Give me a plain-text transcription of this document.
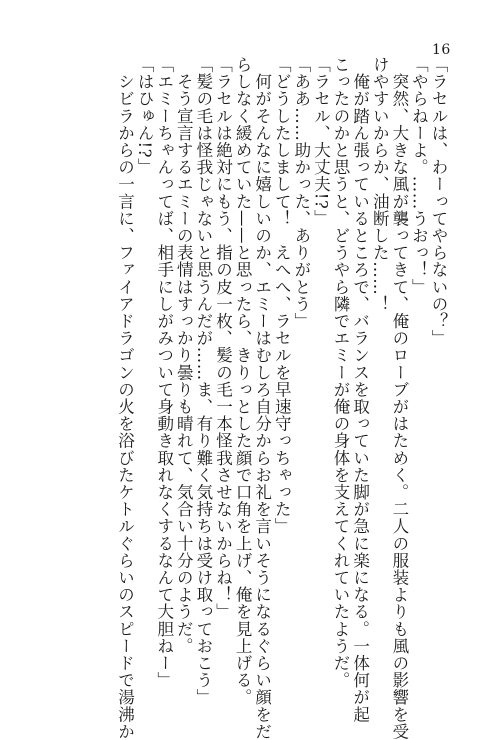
16
「ラセルは、わーってやらないの？」
「やらねーよ。……うおっ！」
　突然、大きな風が襲ってきて、俺のローブがはためく。二人の服装よりも風の影響を受
けやすいからか、油断した……！
　俺が踏ん張っているところで、バランスを取っていた脚が急に楽になる。一体何が起
こったのかと思うと、どうやら隣でエミーが俺の身体を支えてくれていたようだ。
「ラセル、大丈夫!?」
「ああ……助かった、ありがとう」
「どうしたしまして！　えへへ、ラセルを早速守っちゃった」
　何がそんなに嬉しいのか、エミーはむしろ自分からお礼を言いそうになるぐらい顔をだ
らしなく緩めていた——と思ったら、きりっとした顔で口角を上げ、俺を見上げる。
「ラセルは絶対にもう、指の皮一枚、髪の毛一本怪我させないからね！」
「髪の毛は怪我じゃないと思うんだが……ま、有り難く気持ちは受け取っておこう」
　そう宣言するエミーの表情はすっかり曇りも晴れて、気合い十分のようだ。
「エミーちゃんってば、相手にしがみついて身動き取れなくするなんて大胆ねー」
「はひゅん!?」
　シビラからの一言に、ファイアドラゴンの火を浴びたケトルぐらいのスピードで湯沸か
